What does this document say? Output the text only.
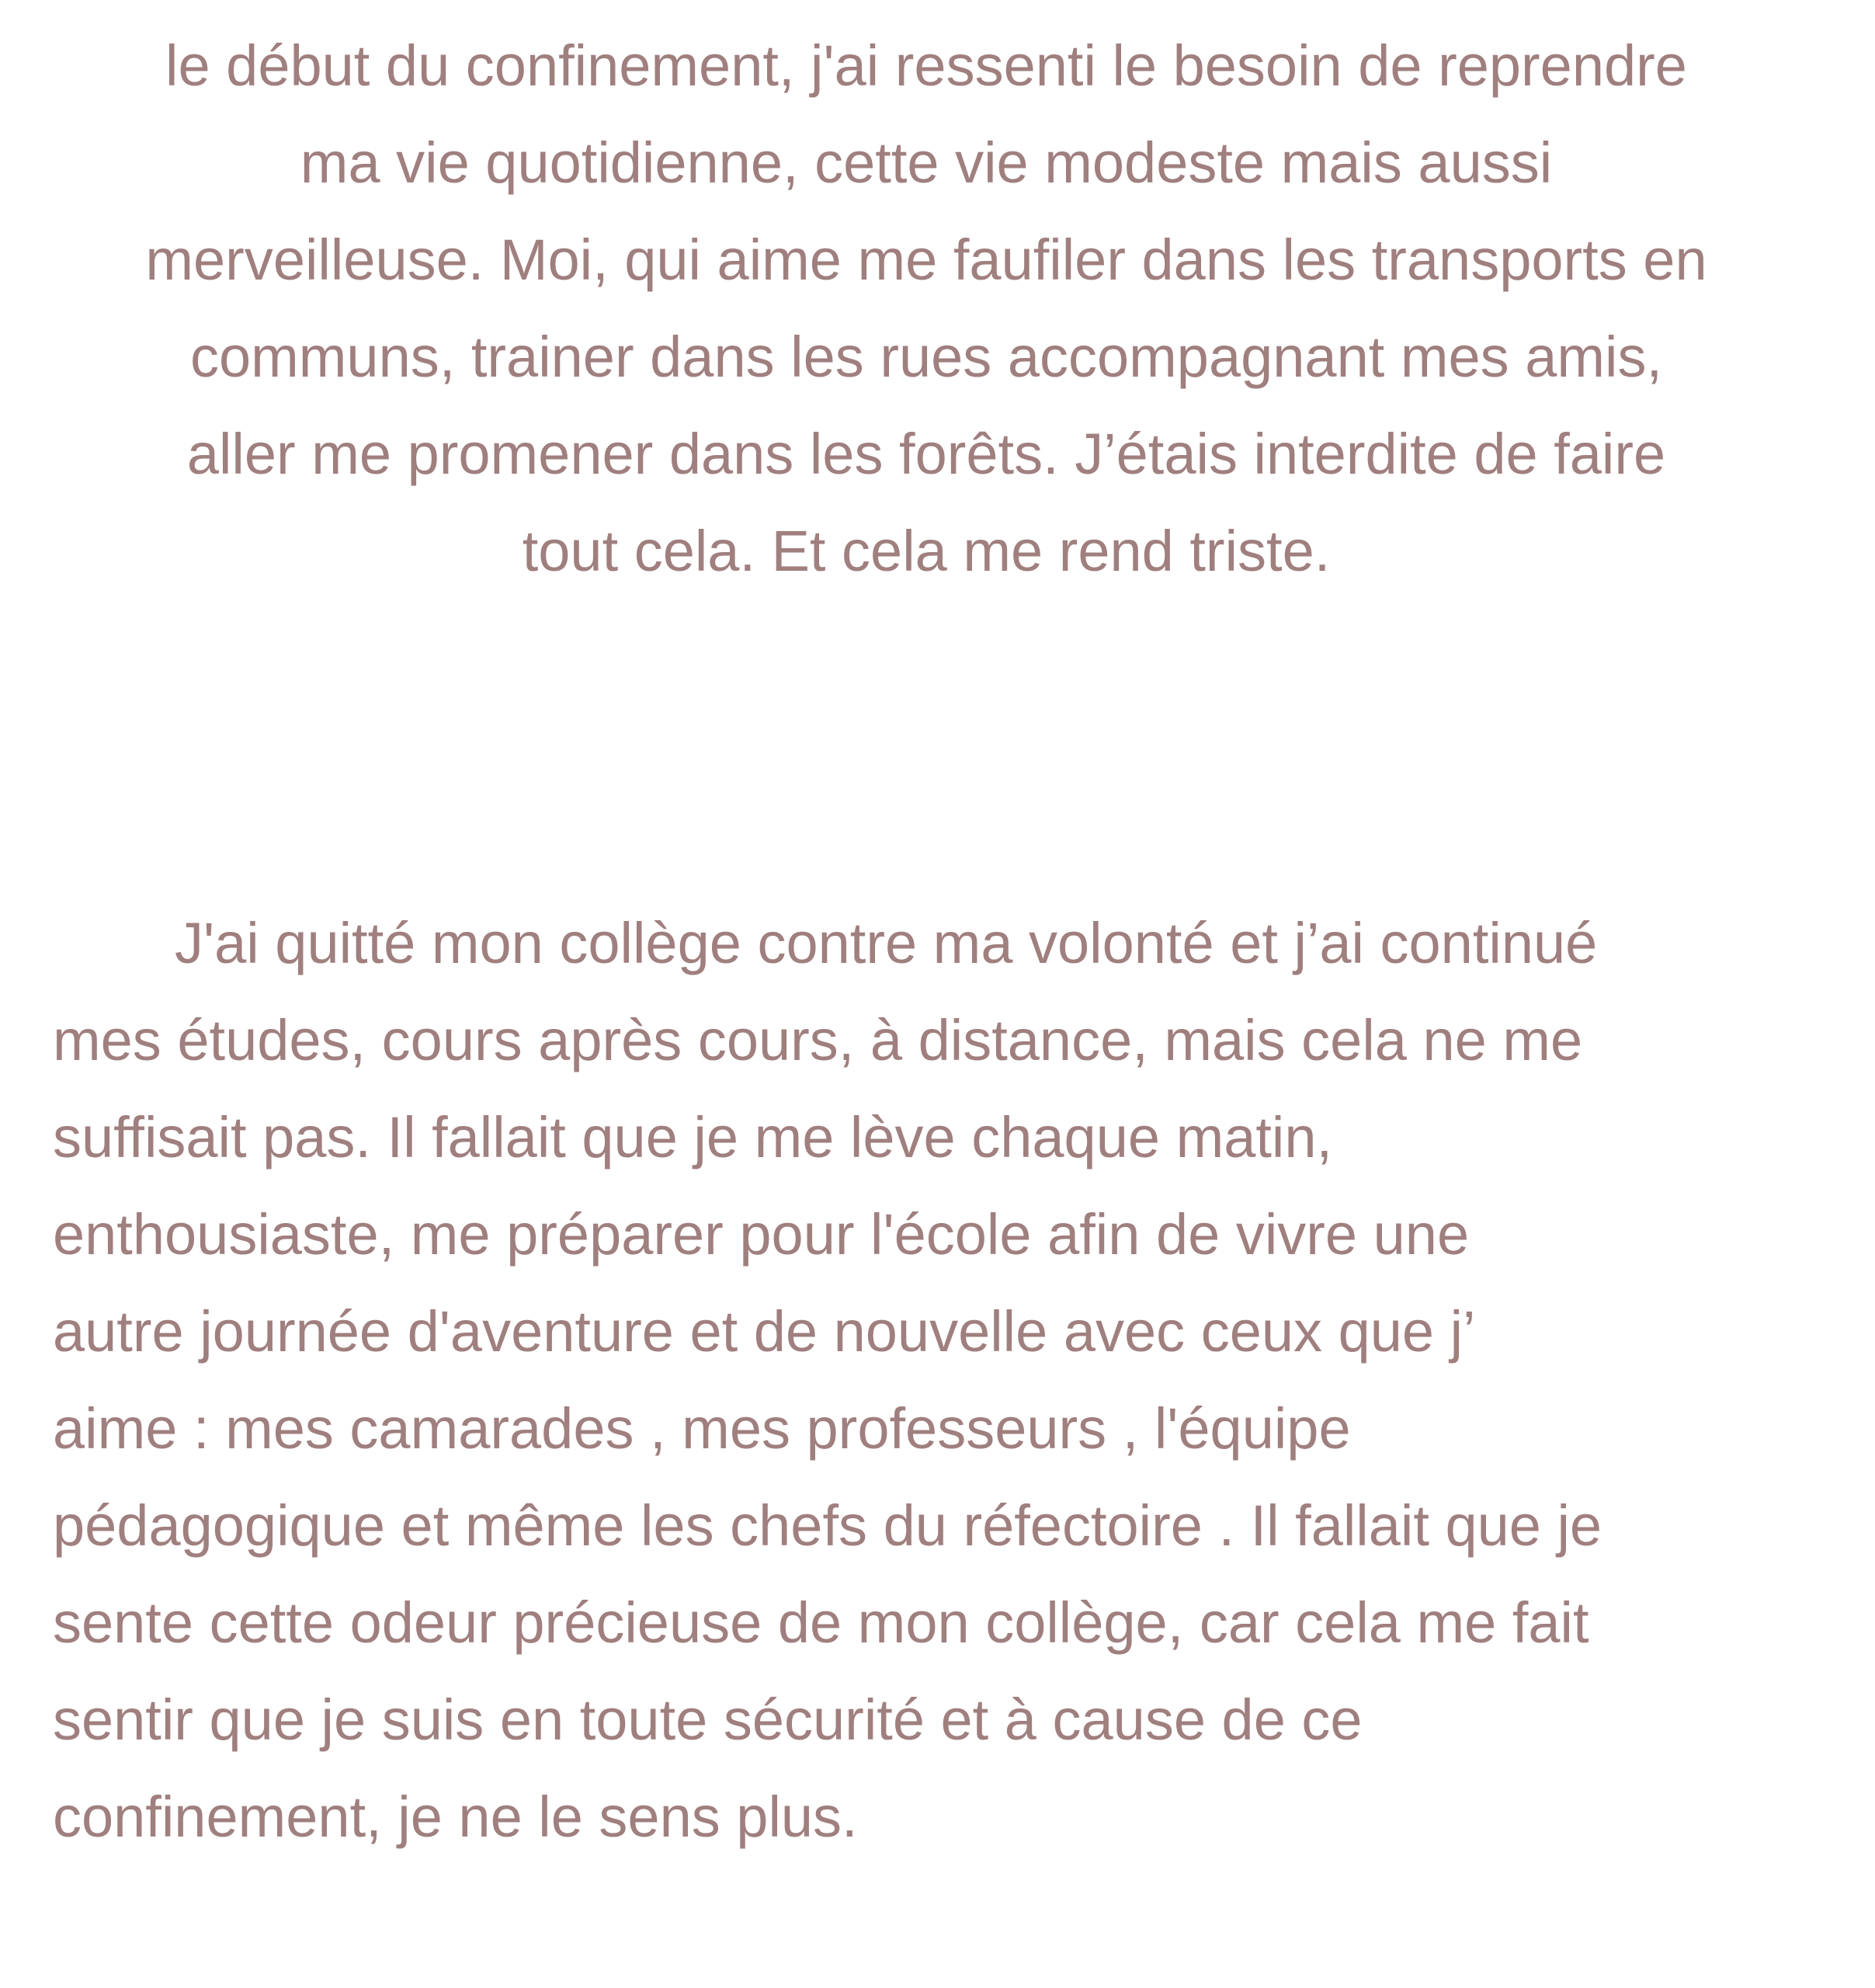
le début du confinement, j'ai ressenti le besoin de reprendre
ma vie quotidienne, cette vie modeste mais aussi
merveilleuse. Moi, qui aime me faufiler dans les transports en
communs, trainer dans les rues accompagnant mes amis,
aller me promener dans les forêts. J’étais interdite de faire
tout cela. Et cela me rend triste.
J'ai quitté mon collège contre ma volonté et j’ai continué
mes études, cours après cours, à distance, mais cela ne me
suffisait pas. Il fallait que je me lève chaque matin,
enthousiaste, me préparer pour l'école afin de vivre une
autre journée d'aventure et de nouvelle avec ceux que j’
aime : mes camarades , mes professeurs , l'équipe
pédagogique et même les chefs du réfectoire . Il fallait que je
sente cette odeur précieuse de mon collège, car cela me fait
sentir que je suis en toute sécurité et à cause de ce
confinement, je ne le sens plus.
